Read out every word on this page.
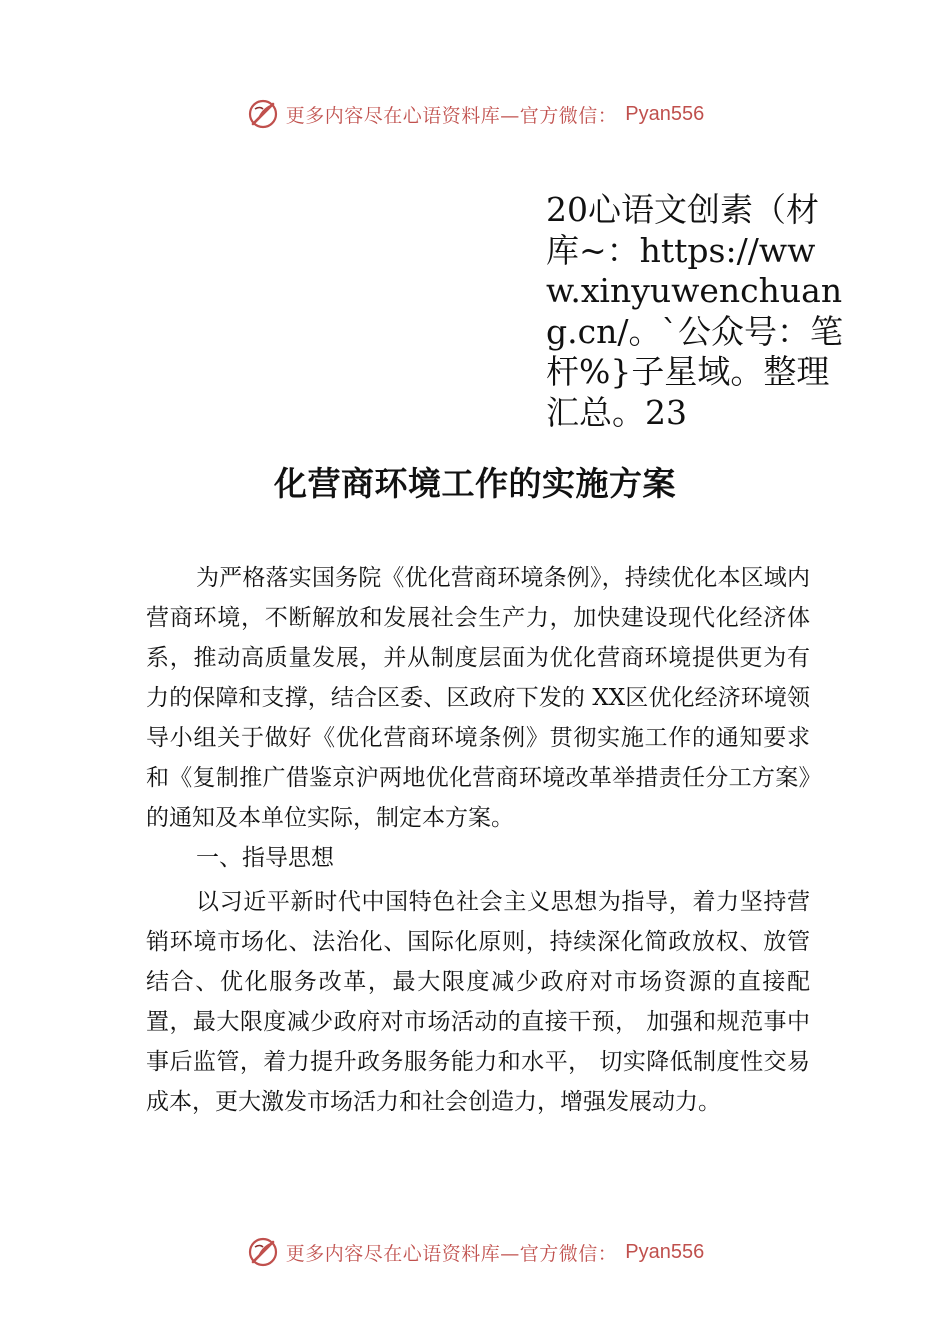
更多内容尽在心语资料库—官方微信： Pyan556
20心语文创素（材库~：https://www.xinyuwenchuang.cn/。`公众号：笔杆%}子星域。整理汇总。23
化营商环境工作的实施方案

为严格落实国务院《优化营商环境条例》，持续优化本区域内营商环境，不断解放和发展社会生产力，加快建设现代化经济体系，推动高质量发展，并从制度层面为优化营商环境提供更为有力的保障和支撑，结合区委、区政府下发的 XX区优化经济环境领导小组关于做好《优化营商环境条例》贯彻实施工作的通知要求和《复制推广借鉴京沪两地优化营商环境改革举措责任分工方案》的通知及本单位实际，制定本方案。

一、指导思想

以习近平新时代中国特色社会主义思想为指导，着力坚持营销环境市场化、法治化、国际化原则，持续深化简政放权、放管结合、优化服务改革，最大限度减少政府对市场资源的直接配置，最大限度减少政府对市场活动的直接干预， 加强和规范事中事后监管，着力提升政务服务能力和水平， 切实降低制度性交易成本，更大激发市场活力和社会创造力，增强发展动力。

更多内容尽在心语资料库—官方微信： Pyan556
